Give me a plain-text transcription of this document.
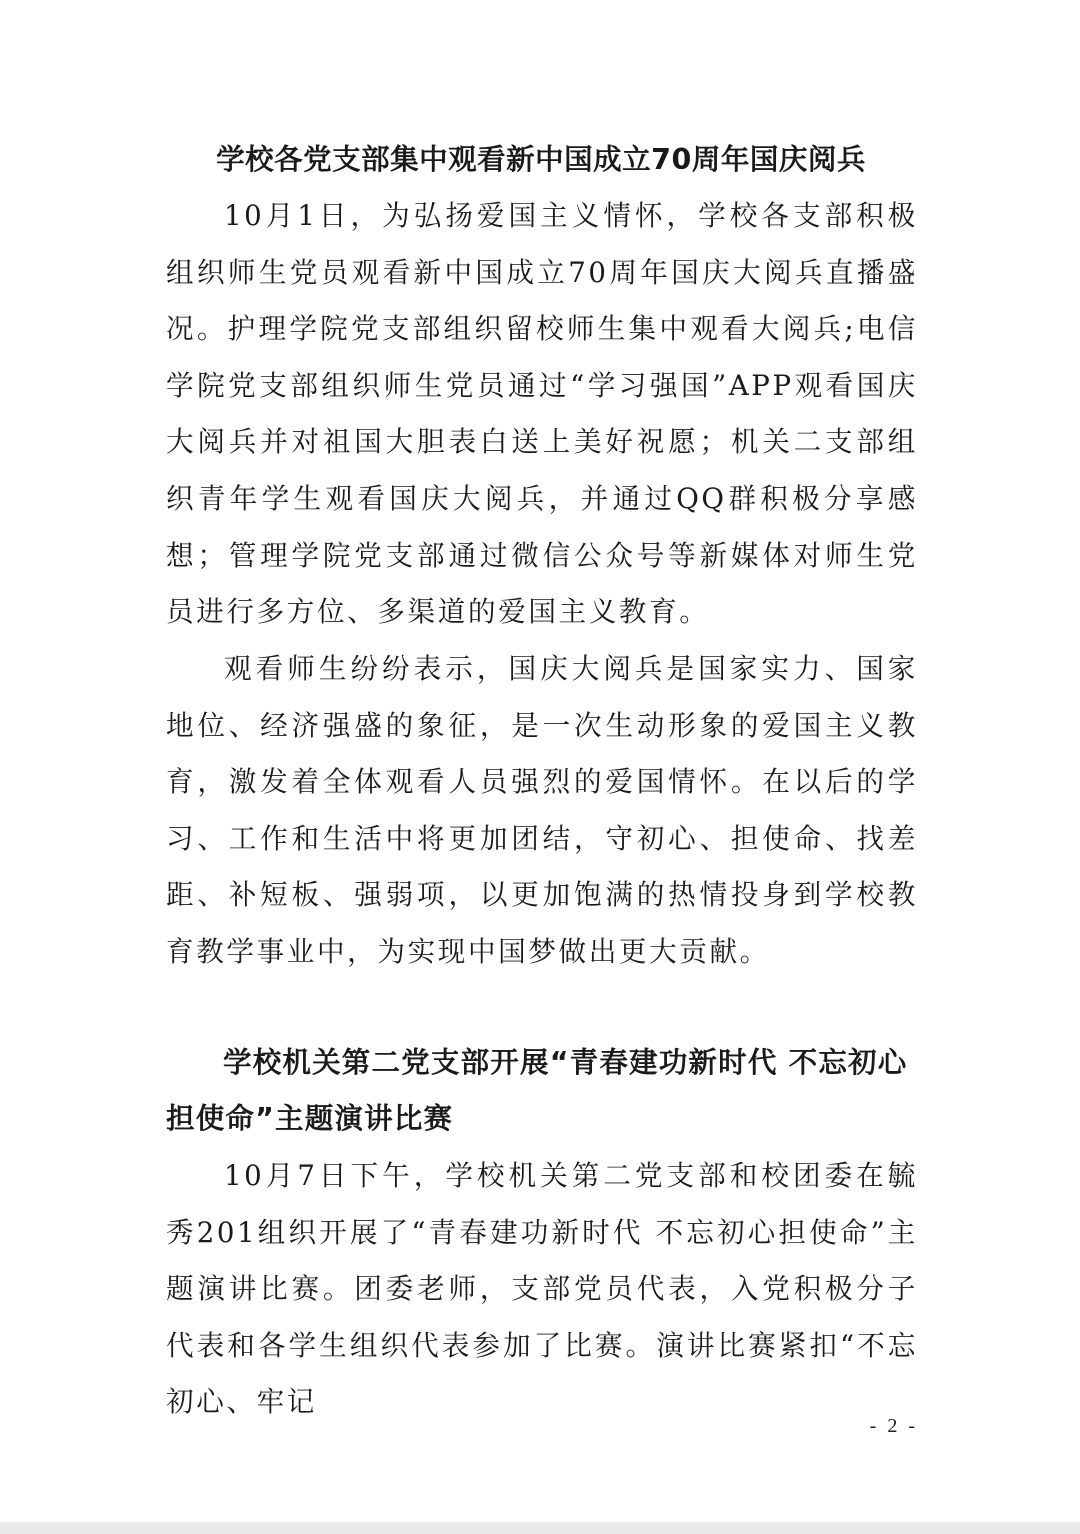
学校各党支部集中观看新中国成立70周年国庆阅兵

10月1日，为弘扬爱国主义情怀，学校各支部积极组织师生党员观看新中国成立70周年国庆大阅兵直播盛况。护理学院党支部组织留校师生集中观看大阅兵;电信学院党支部组织师生党员通过“学习强国”APP观看国庆大阅兵并对祖国大胆表白送上美好祝愿；机关二支部组织青年学生观看国庆大阅兵，并通过QQ群积极分享感想；管理学院党支部通过微信公众号等新媒体对师生党员进行多方位、多渠道的爱国主义教育。

观看师生纷纷表示，国庆大阅兵是国家实力、国家地位、经济强盛的象征，是一次生动形象的爱国主义教育，激发着全体观看人员强烈的爱国情怀。在以后的学习、工作和生活中将更加团结，守初心、担使命、找差距、补短板、强弱项，以更加饱满的热情投身到学校教育教学事业中，为实现中国梦做出更大贡献。

学校机关第二党支部开展“青春建功新时代 不忘初心担使命”主题演讲比赛

10月7日下午，学校机关第二党支部和校团委在毓秀201组织开展了“青春建功新时代 不忘初心担使命”主题演讲比赛。团委老师，支部党员代表，入党积极分子代表和各学生组织代表参加了比赛。演讲比赛紧扣“不忘初心、牢记

- 2 -
